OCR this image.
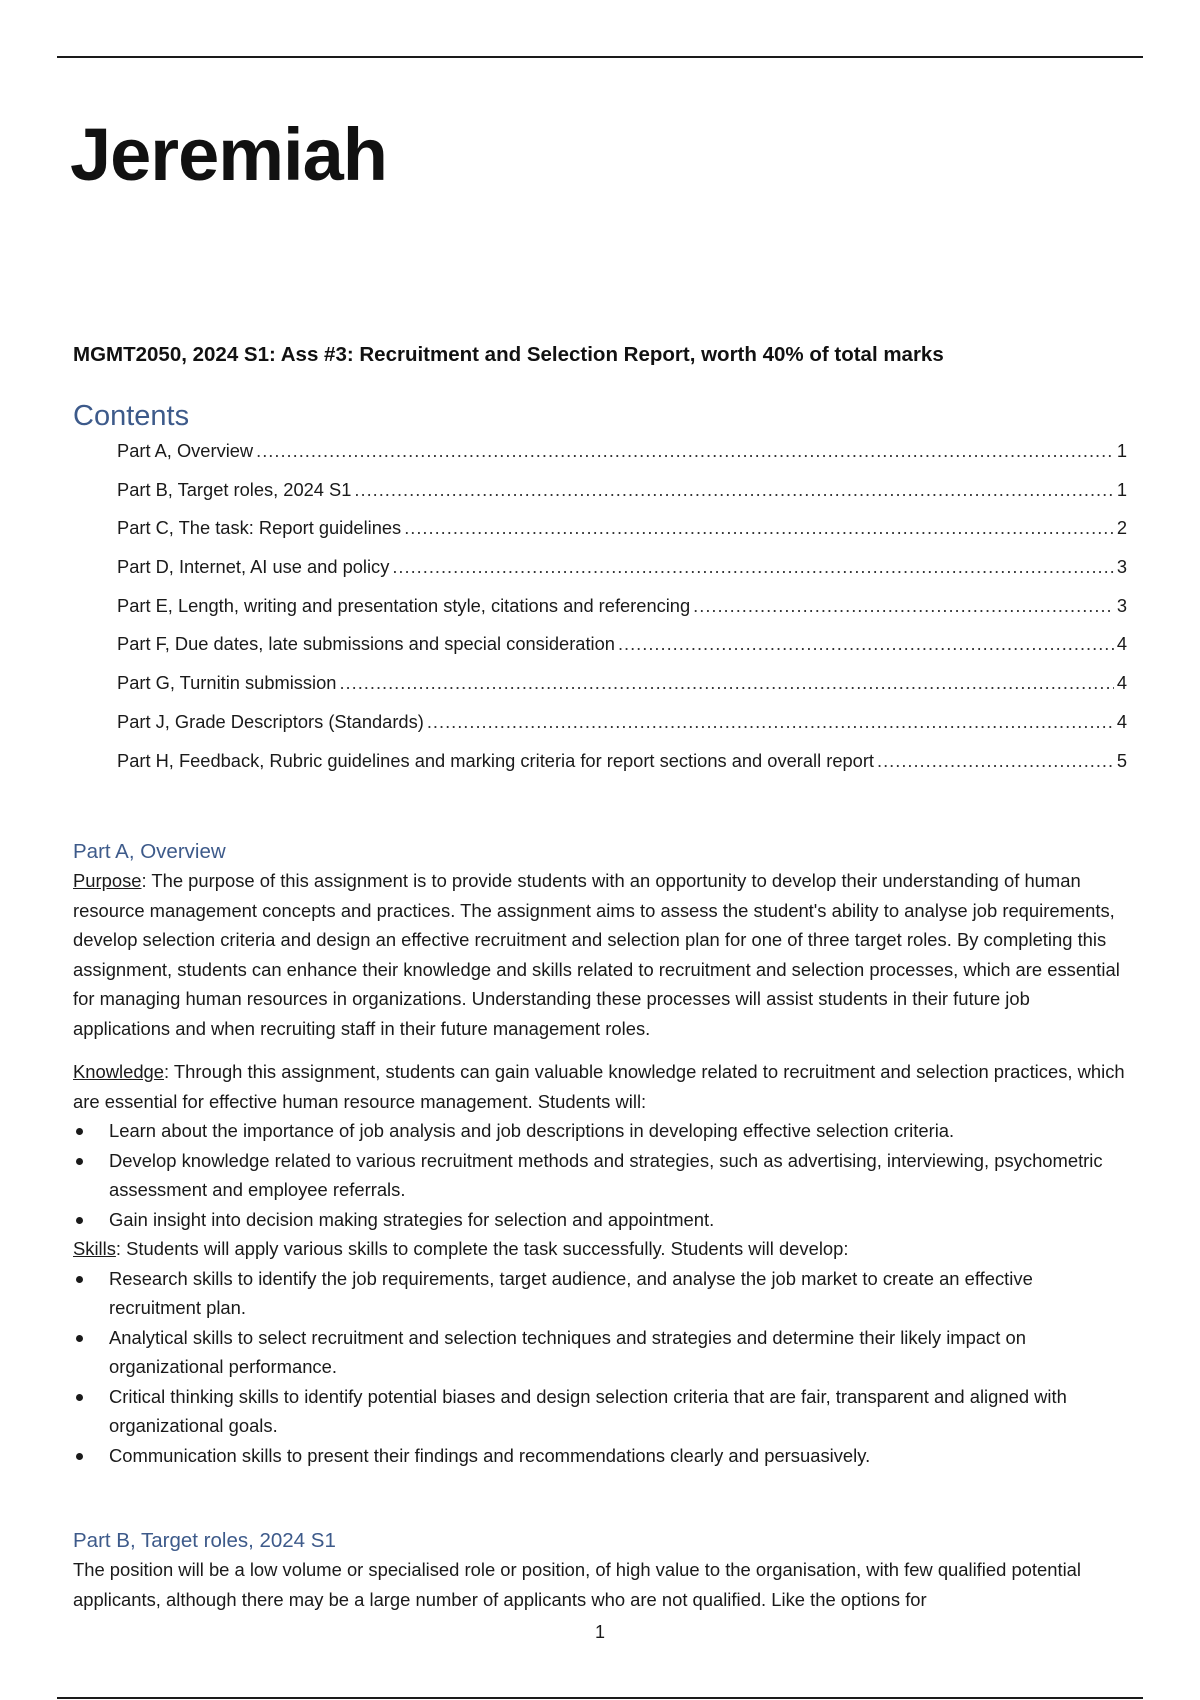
Jeremiah
MGMT2050, 2024 S1: Ass #3: Recruitment and Selection Report, worth 40% of total marks
Contents
Part A, Overview .....	1
Part B, Target roles, 2024 S1 .....	1
Part C, The task: Report guidelines .....	2
Part D, Internet, AI use and policy .....	3
Part E, Length, writing and presentation style, citations and referencing .....	3
Part F, Due dates, late submissions and special consideration .....	4
Part G, Turnitin submission .....	4
Part J, Grade Descriptors (Standards) .....	4
Part H, Feedback, Rubric guidelines and marking criteria for report sections and overall report .....	5
Part A, Overview

Purpose: The purpose of this assignment is to provide students with an opportunity to develop their understanding of human resource management concepts and practices. The assignment aims to assess the student's ability to analyse job requirements, develop selection criteria and design an effective recruitment and selection plan for one of three target roles. By completing this assignment, students can enhance their knowledge and skills related to recruitment and selection processes, which are essential for managing human resources in organizations. Understanding these processes will assist students in their future job applications and when recruiting staff in their future management roles.

Knowledge: Through this assignment, students can gain valuable knowledge related to recruitment and selection practices, which are essential for effective human resource management. Students will:

Learn about the importance of job analysis and job descriptions in developing effective selection criteria.
Develop knowledge related to various recruitment methods and strategies, such as advertising, interviewing, psychometric assessment and employee referrals.
Gain insight into decision making strategies for selection and appointment.

Skills: Students will apply various skills to complete the task successfully. Students will develop:

Research skills to identify the job requirements, target audience, and analyse the job market to create an effective recruitment plan.
Analytical skills to select recruitment and selection techniques and strategies and determine their likely impact on organizational performance.
Critical thinking skills to identify potential biases and design selection criteria that are fair, transparent and aligned with organizational goals.
Communication skills to present their findings and recommendations clearly and persuasively.
Part B, Target roles, 2024 S1

The position will be a low volume or specialised role or position, of high value to the organisation, with few qualified potential applicants, although there may be a large number of applicants who are not qualified. Like the options for

1
